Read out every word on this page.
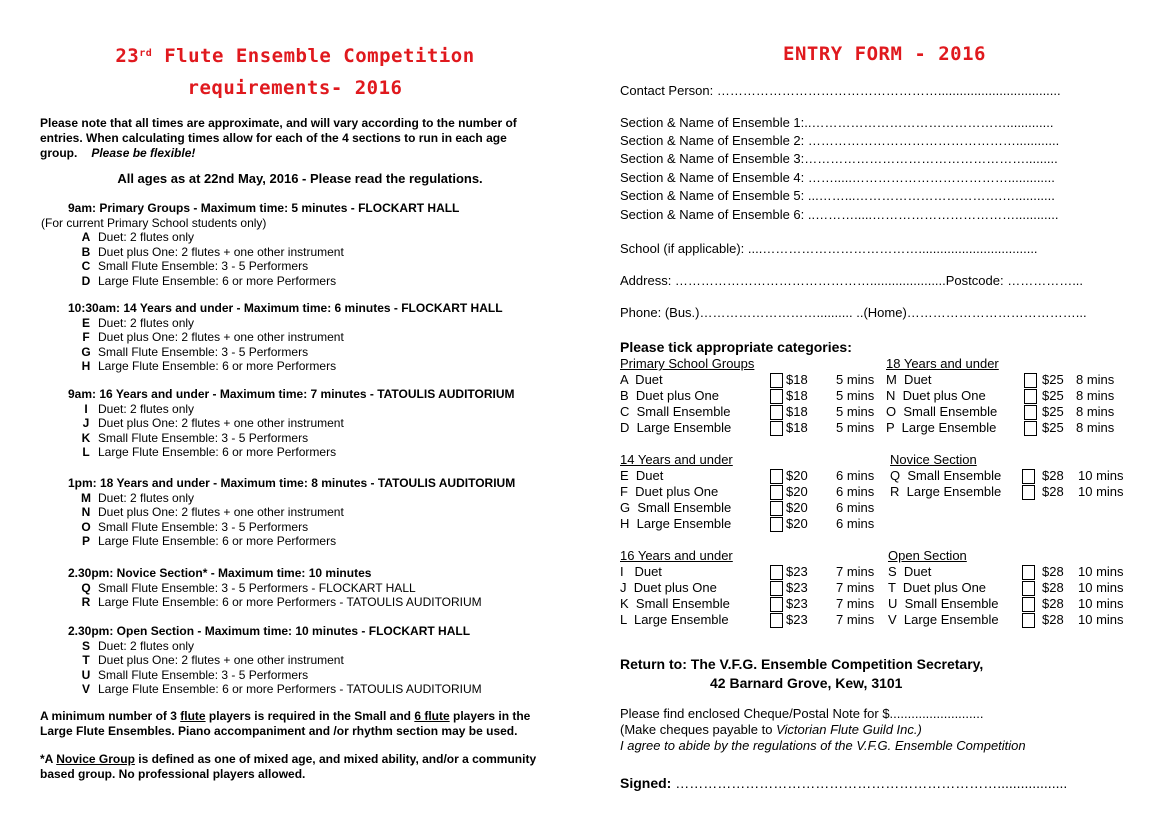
23rd Flute Ensemble Competition

requirements- 2016

Please note that all times are approximate, and will vary according to the number of entries. When calculating times allow for each of the 4 sections to run in each age group. Please be flexible!
All ages as at 22nd May, 2016 - Please read the regulations.
9am: Primary Groups - Maximum time: 5 minutes - FLOCKART HALL
(For current Primary School students only)
A Duet: 2 flutes only
B Duet plus One: 2 flutes + one other instrument
C Small Flute Ensemble: 3 - 5 Performers
D Large Flute Ensemble: 6 or more Performers
10:30am: 14 Years and under - Maximum time: 6 minutes - FLOCKART HALL
E Duet: 2 flutes only
F Duet plus One: 2 flutes + one other instrument
G Small Flute Ensemble: 3 - 5 Performers
H Large Flute Ensemble: 6 or more Performers
9am: 16 Years and under - Maximum time: 7 minutes - TATOULIS AUDITORIUM
I Duet: 2 flutes only
J Duet plus One: 2 flutes + one other instrument
K Small Flute Ensemble: 3 - 5 Performers
L Large Flute Ensemble: 6 or more Performers
1pm: 18 Years and under - Maximum time: 8 minutes - TATOULIS AUDITORIUM
M Duet: 2 flutes only
N Duet plus One: 2 flutes + one other instrument
O Small Flute Ensemble: 3 - 5 Performers
P Large Flute Ensemble: 6 or more Performers
2.30pm: Novice Section* - Maximum time: 10 minutes
Q Small Flute Ensemble: 3 - 5 Performers - FLOCKART HALL
R Large Flute Ensemble: 6 or more Performers - TATOULIS AUDITORIUM
2.30pm: Open Section - Maximum time: 10 minutes - FLOCKART HALL
S Duet: 2 flutes only
T Duet plus One: 2 flutes + one other instrument
U Small Flute Ensemble: 3 - 5 Performers
V Large Flute Ensemble: 6 or more Performers - TATOULIS AUDITORIUM
A minimum number of 3 flute players is required in the Small and 6 flute players in the Large Flute Ensembles. Piano accompaniment and /or rhythm section may be used.
*A Novice Group is defined as one of mixed age, and mixed ability, and/or a community based group. No professional players allowed.

ENTRY FORM - 2016

Contact Person: ……………………………………………..................................
Section & Name of Ensemble 1:..……………………………………….............
Section & Name of Ensemble 2: …………………………………………............
Section & Name of Ensemble 3:…………………………………………….........
Section & Name of Ensemble 4: …….....……………………………….............
Section & Name of Ensemble 5: ...……...…………………………….…...........
Section & Name of Ensemble 6: ..……….....……………………………............
School (if applicable): ....……………………………….................................
Address: ……………………………………….....................Postcode: ……………...
Phone: (Bus.)……………………….......... ..(Home)…………………………………...
Please tick appropriate categories:
Primary School Groups
A  Duet	$18 5 mins
B  Duet plus One	$18 5 mins
C  Small Ensemble	$18 5 mins
D  Large Ensemble	$18 5 mins
18 Years and under
M  Duet	$25 8 mins
N  Duet plus One	$25 8 mins
O  Small Ensemble	$25 8 mins
P  Large Ensemble	$25 8 mins
14 Years and under
E  Duet	$20 6 mins
F  Duet plus One	$20 6 mins
G  Small Ensemble	$20 6 mins
H  Large Ensemble	$20 6 mins
Novice Section
Q  Small Ensemble	$28 10 mins
R  Large Ensemble	$28 10 mins
16 Years and under
I   Duet	$23 7 mins
J  Duet plus One	$23 7 mins
K  Small Ensemble	$23 7 mins
L  Large Ensemble	$23 7 mins
Open Section
S  Duet	$28 10 mins
T  Duet plus One	$28 10 mins
U  Small Ensemble	$28 10 mins
V  Large Ensemble	$28 10 mins
Return to: The V.F.G. Ensemble Competition Secretary,
42 Barnard Grove, Kew, 3101
Please find enclosed Cheque/Postal Note for $..........................
(Make cheques payable to Victorian Flute Guild Inc.)
I agree to abide by the regulations of the V.F.G. Ensemble Competition
Signed: ……………………………………………………………..................
